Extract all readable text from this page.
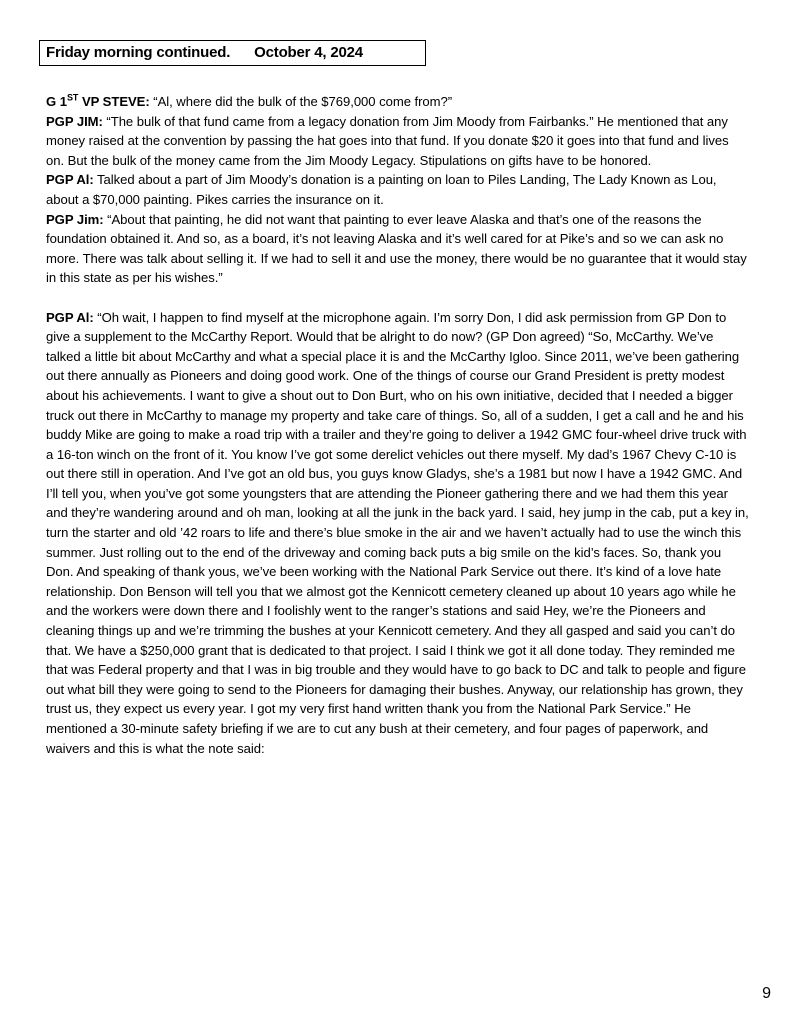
Friday morning continued. October 4, 2024

G 1ST VP STEVE: “Al, where did the bulk of the $769,000 come from?”

PGP JIM: “The bulk of that fund came from a legacy donation from Jim Moody from Fairbanks.” He mentioned that any money raised at the convention by passing the hat goes into that fund. If you donate $20 it goes into that fund and lives on. But the bulk of the money came from the Jim Moody Legacy. Stipulations on gifts have to be honored.

PGP Al: Talked about a part of Jim Moody’s donation is a painting on loan to Piles Landing, The Lady Known as Lou, about a $70,000 painting. Pikes carries the insurance on it.

PGP Jim: “About that painting, he did not want that painting to ever leave Alaska and that’s one of the reasons the foundation obtained it. And so, as a board, it’s not leaving Alaska and it’s well cared for at Pike’s and so we can ask no more. There was talk about selling it. If we had to sell it and use the money, there would be no guarantee that it would stay in this state as per his wishes.”

PGP Al: “Oh wait, I happen to find myself at the microphone again. I’m sorry Don, I did ask permission from GP Don to give a supplement to the McCarthy Report. Would that be alright to do now? (GP Don agreed) “So, McCarthy. We’ve talked a little bit about McCarthy and what a special place it is and the McCarthy Igloo. Since 2011, we’ve been gathering out there annually as Pioneers and doing good work. One of the things of course our Grand President is pretty modest about his achievements. I want to give a shout out to Don Burt, who on his own initiative, decided that I needed a bigger truck out there in McCarthy to manage my property and take care of things. So, all of a sudden, I get a call and he and his buddy Mike are going to make a road trip with a trailer and they’re going to deliver a 1942 GMC four-wheel drive truck with a 16-ton winch on the front of it. You know I’ve got some derelict vehicles out there myself. My dad’s 1967 Chevy C-10 is out there still in operation. And I’ve got an old bus, you guys know Gladys, she’s a 1981 but now I have a 1942 GMC. And I’ll tell you, when you’ve got some youngsters that are attending the Pioneer gathering there and we had them this year and they’re wandering around and oh man, looking at all the junk in the back yard. I said, hey jump in the cab, put a key in, turn the starter and old ’42 roars to life and there’s blue smoke in the air and we haven’t actually had to use the winch this summer. Just rolling out to the end of the driveway and coming back puts a big smile on the kid’s faces. So, thank you Don. And speaking of thank yous, we’ve been working with the National Park Service out there. It’s kind of a love hate relationship. Don Benson will tell you that we almost got the Kennicott cemetery cleaned up about 10 years ago while he and the workers were down there and I foolishly went to the ranger’s stations and said Hey, we’re the Pioneers and cleaning things up and we’re trimming the bushes at your Kennicott cemetery. And they all gasped and said you can’t do that. We have a $250,000 grant that is dedicated to that project. I said I think we got it all done today. They reminded me that was Federal property and that I was in big trouble and they would have to go back to DC and talk to people and figure out what bill they were going to send to the Pioneers for damaging their bushes. Anyway, our relationship has grown, they trust us, they expect us every year. I got my very first hand written thank you from the National Park Service.” He mentioned a 30-minute safety briefing if we are to cut any bush at their cemetery, and four pages of paperwork, and waivers and this is what the note said:

9
